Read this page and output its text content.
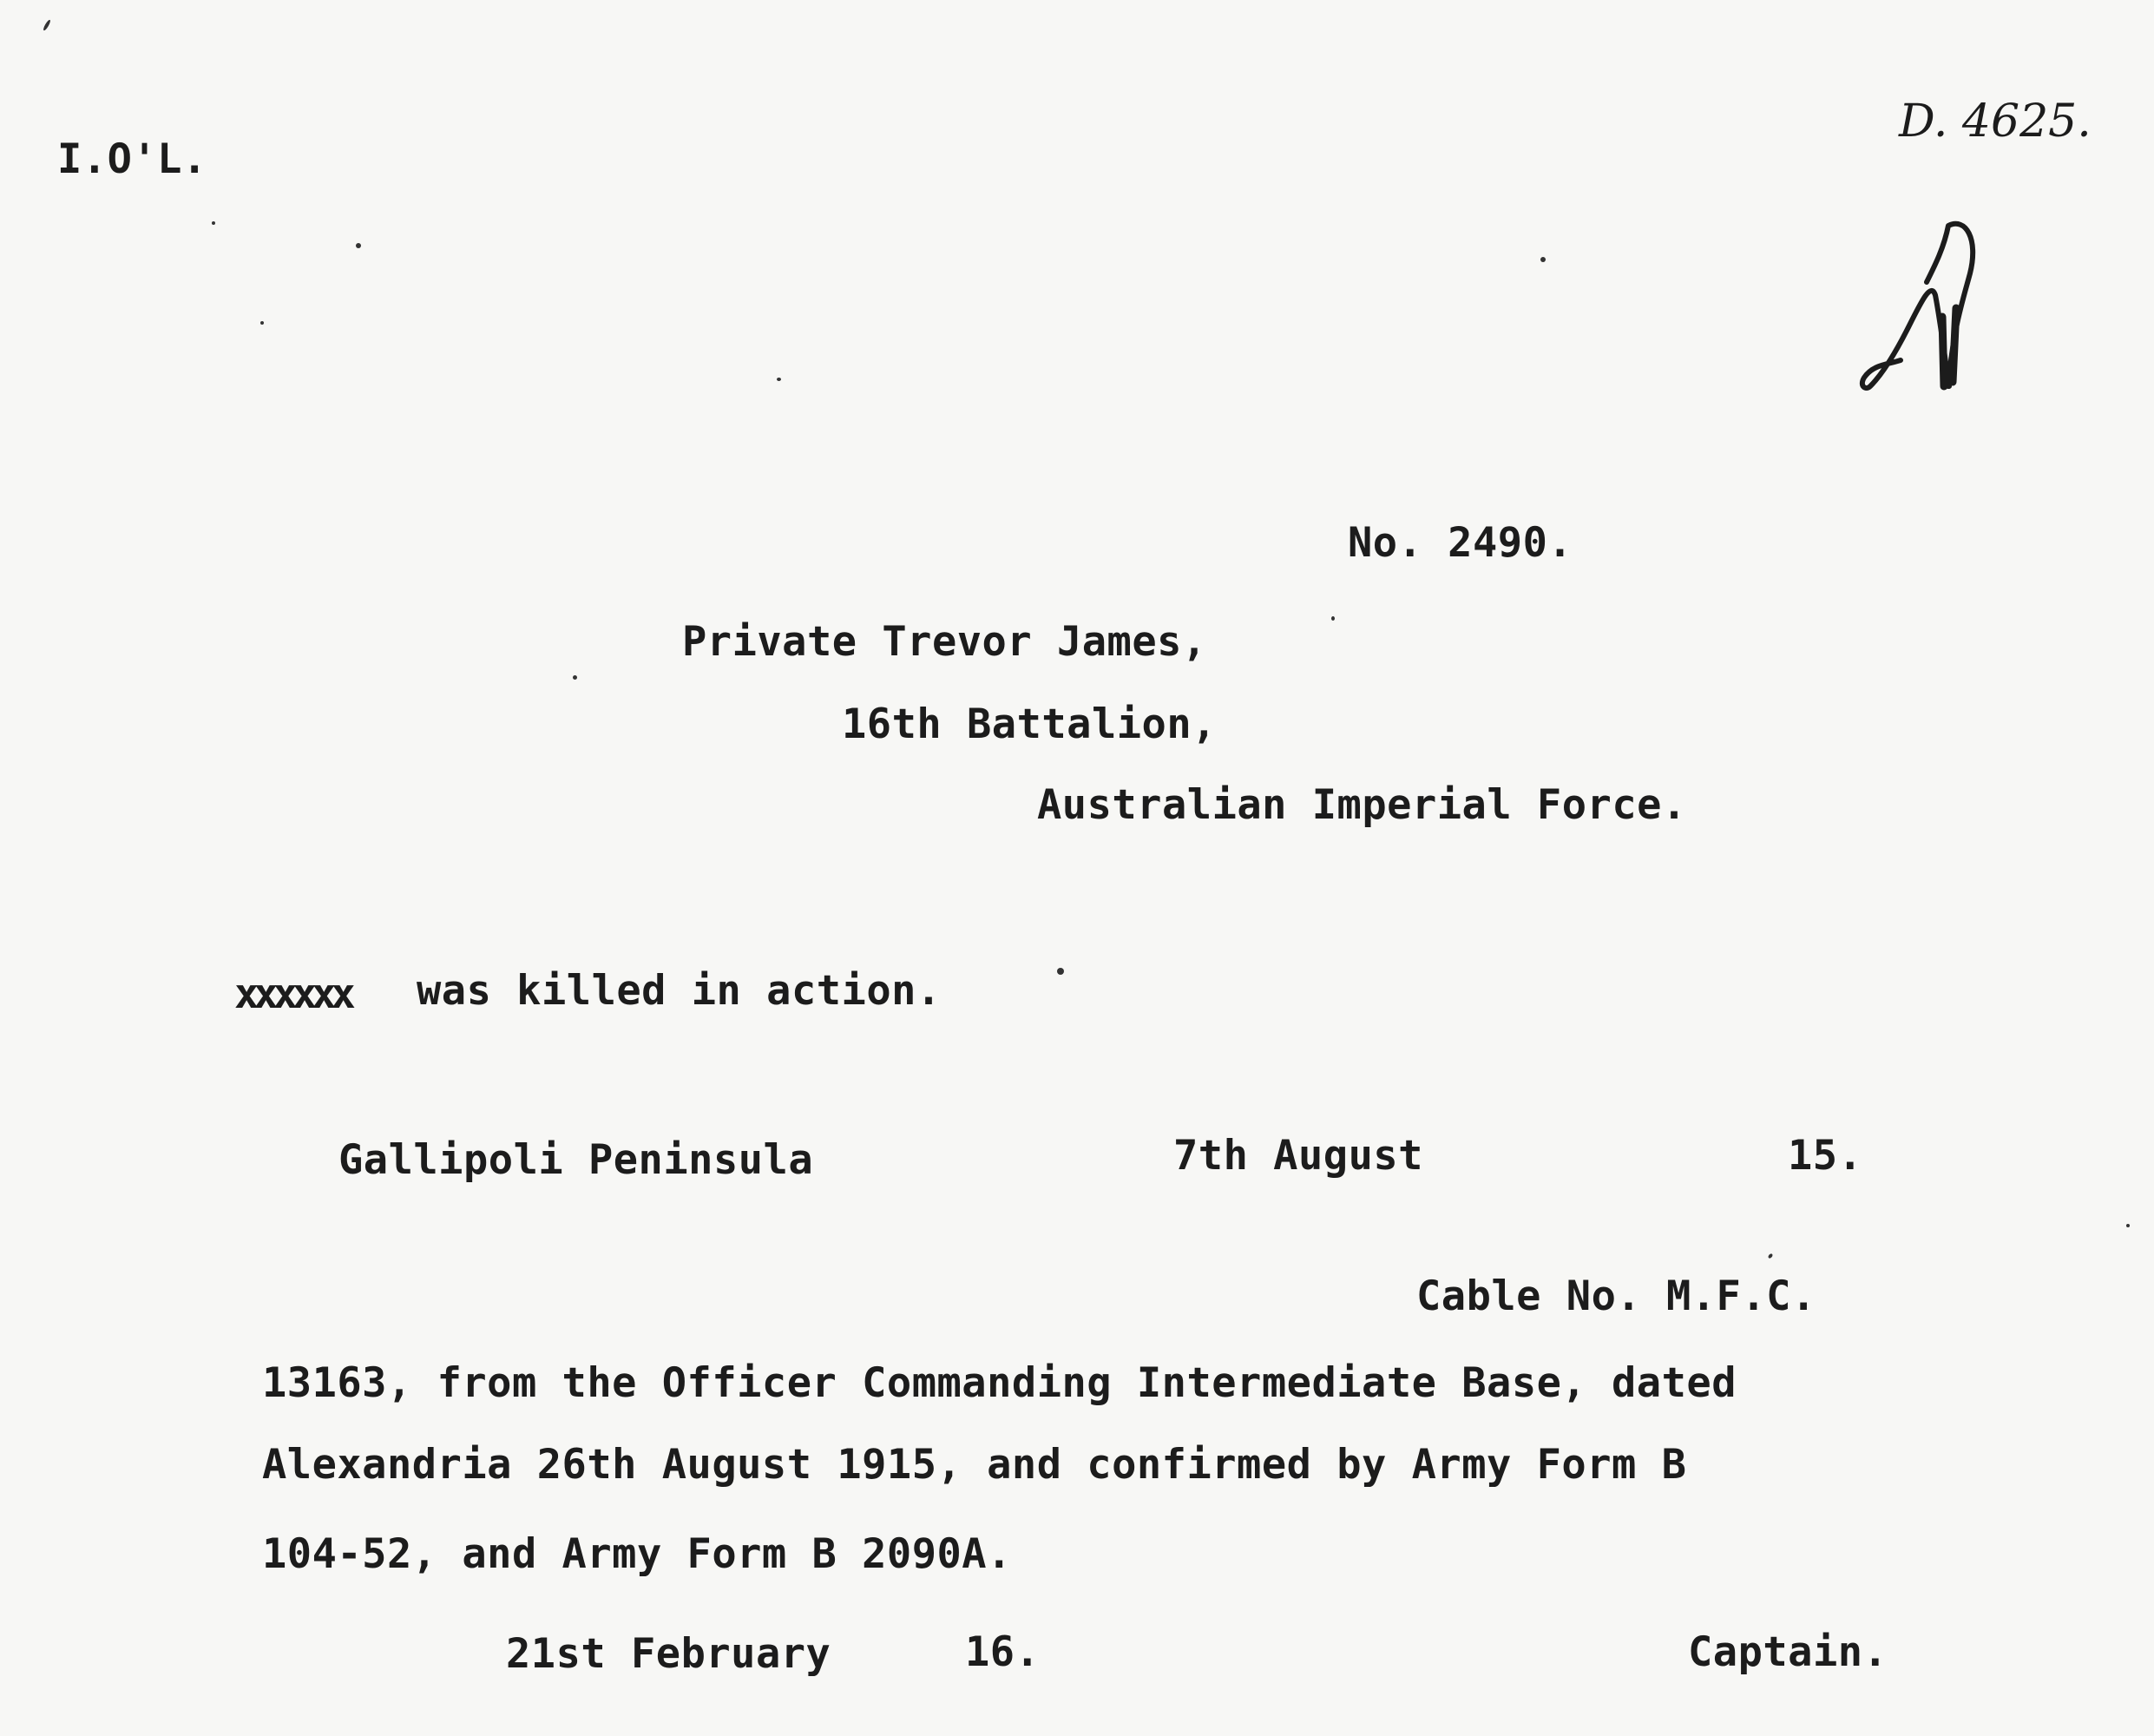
I.O'L.
D. 4625.
No. 2490.
Private Trevor James,
16th Battalion,
Australian Imperial Force.
xxxxxx was killed in action.
Gallipoli Peninsula	7th August	15.
Cable No. M.F.C.
13163, from the Officer Commanding Intermediate Base, dated
Alexandria 26th August 1915, and confirmed by Army Form B
104-52, and Army Form B 2090A.
21st February	16.	Captain.
